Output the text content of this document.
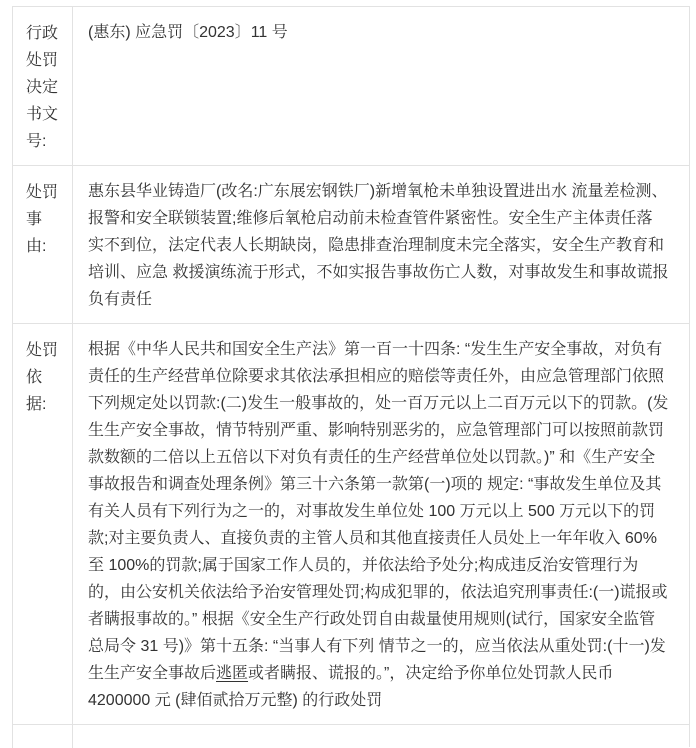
行政处罚决定书文号:
(惠东) 应急罚〔2023〕11 号
处罚事由:
惠东县华业铸造厂(改名:广东展宏钢铁厂)新增氧枪未单独设置进出水 流量差检测、报警和安全联锁装置;维修后氧枪启动前未检查管件紧密性。安全生产主体责任落 实不到位，法定代表人长期缺岗，隐患排查治理制度未完全落实，安全生产教育和培训、应急 救援演练流于形式，不如实报告事故伤亡人数，对事故发生和事故谎报负有责任
处罚依据:
根据《中华人民共和国安全生产法》第一百一十四条: “发生生产安全事故，对负有责任的生产经营单位除要求其依法承担相应的赔偿等责任外，由应急管理部门依照下列规定处以罚款:(二)发生一般事故的，处一百万元以上二百万元以下的罚款。(发生生产安全事故，情节特别严重、影响特别恶劣的，应急管理部门可以按照前款罚款数额的二倍以上五倍以下对负有责任的生产经营单位处以罚款。)” 和《生产安全事故报告和调查处理条例》第三十六条第一款第(一)项的 规定: “事故发生单位及其有关人员有下列行为之一的，对事故发生单位处 100 万元以上 500 万元以下的罚款;对主要负责人、直接负责的主管人员和其他直接责任人员处上一年年收入 60%至 100%的罚款;属于国家工作人员的，并依法给予处分;构成违反治安管理行为的，由公安机关依法给予治安管理处罚;构成犯罪的，依法追究刑事责任:(一)谎报或者瞒报事故的。” 根据《安全生产行政处罚自由裁量使用规则(试行，国家安全监管总局令 31 号)》第十五条: “当事人有下列 情节之一的，应当依法从重处罚:(十一)发生生产安全事故后逃匿或者瞒报、谎报的。”，决定给予你单位处罚款人民币 4200000 元 (肆佰贰拾万元整) 的行政处罚
